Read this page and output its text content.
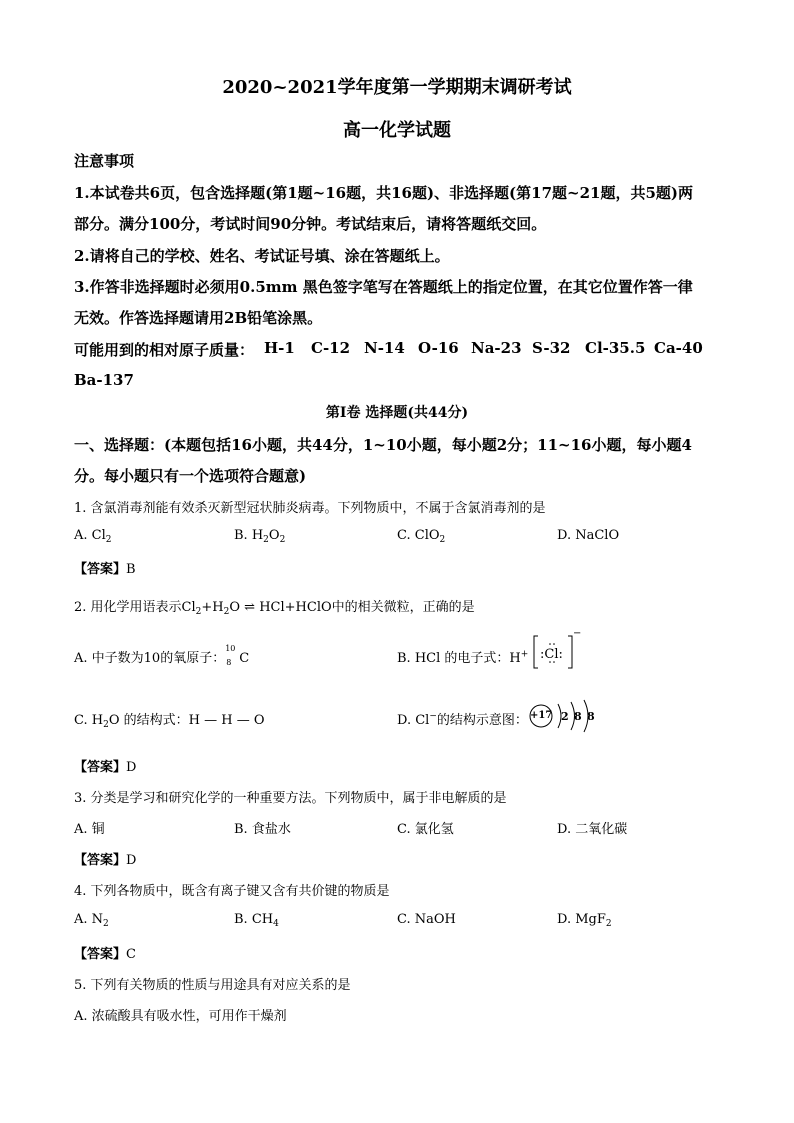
2020~2021学年度第一学期期末调研考试
高一化学试题
注意事项
1.本试卷共6页，包含选择题(第1题~16题，共16题)、非选择题(第17题~21题，共5题)两
部分。满分100分，考试时间90分钟。考试结束后，请将答题纸交回。
2.请将自己的学校、姓名、考试证号填、涂在答题纸上。
3.作答非选择题时必须用0.5mm 黑色签字笔写在答题纸上的指定位置，在其它位置作答一律
无效。作答选择题请用2B铅笔涂黑。
可能用到的相对原子质量： H-1 C-12 N-14 O-16 Na-23 S-32 Cl-35.5 Ca-40
Ba-137
第Ⅰ卷 选择题(共44分)
一、选择题：(本题包括16小题，共44分，1~10小题，每小题2分；11~16小题，每小题4
分。每小题只有一个选项符合题意)
1. 含氯消毒剂能有效杀灭新型冠状肺炎病毒。下列物质中，不属于含氯消毒剂的是
A. $Cl_2$	B. $H_2O_2$	C. ClO$_2$	D. NaClO
【答案】B
2. 用化学用语表示$Cl_2+H_2O$ ⇌ HCl+HClO中的相关微粒，正确的是
A. 中子数为10的氧原子：
10
8 C	B. HCl 的电子式：H+ :Cl:
−
C. $H_2O$ 的结构式：H — H — O	D. Cl−的结构示意图： +17 2 8 8
【答案】D
3. 分类是学习和研究化学的一种重要方法。下列物质中，属于非电解质的是
A. 铜	B. 食盐水	C. 氯化氢	D. 二氧化碳
【答案】D
4. 下列各物质中，既含有离子键又含有共价键的物质是
A. $N_2$	B. $CH_4$	C. NaOH	D. MgF$_2$
【答案】C
5. 下列有关物质的性质与用途具有对应关系的是
A. 浓硫酸具有吸水性，可用作干燥剂
